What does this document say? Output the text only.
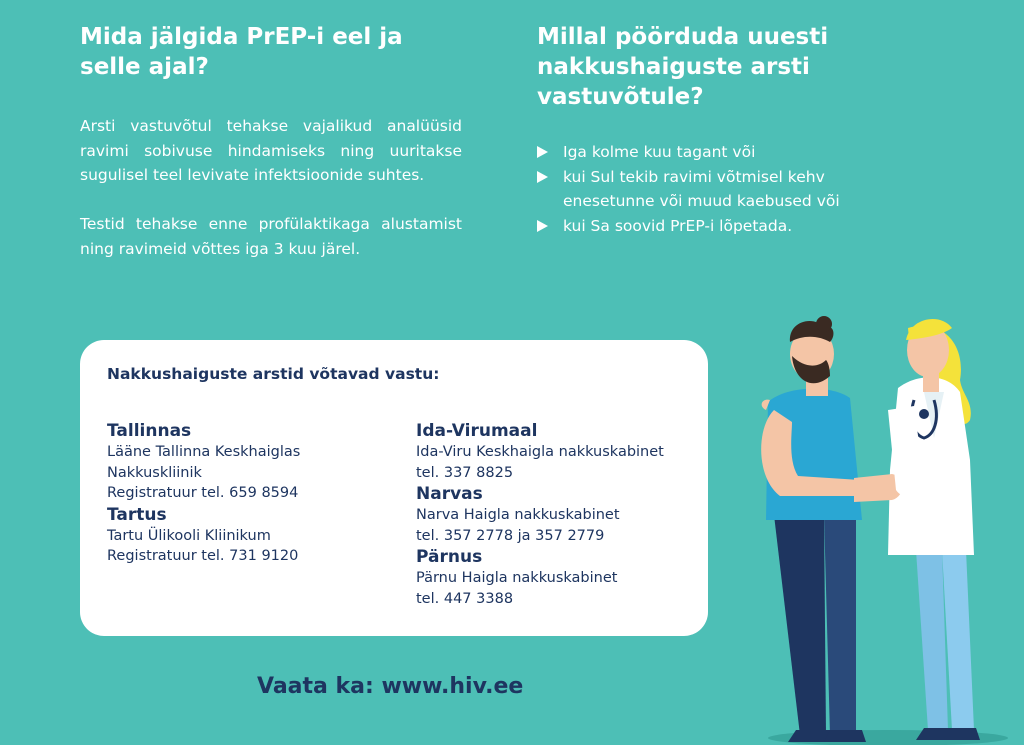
Mida jälgida PrEP-i eel ja selle ajal?

Arsti vastuvõtul tehakse vajalikud analüüsid ravimi sobivuse hindamiseks ning uuritakse sugulisel teel levivate infektsioonide suhtes.

Testid tehakse enne profülaktikaga alustamist ning ravimeid võttes iga 3 kuu järel.

Millal pöörduda uuesti nakkushaiguste arsti vastuvõtule?
Iga kolme kuu tagant või
kui Sul tekib ravimi võtmisel kehv enesetunne või muud kaebused või
kui Sa soovid PrEP-i lõpetada.
Nakkushaiguste arstid võtavad vastu:
Tallinnas
Lääne Tallinna Keskhaiglas
Nakkuskliinik
Registratuur tel. 659 8594
Tartus
Tartu Ülikooli Kliinikum
Registratuur tel. 731 9120
Ida-Virumaal
Ida-Viru Keskhaigla nakkuskabinet
tel. 337 8825
Narvas
Narva Haigla nakkuskabinet
tel. 357 2778 ja 357 2779
Pärnus
Pärnu Haigla nakkuskabinet
tel. 447 3388

Vaata ka: www.hiv.ee
